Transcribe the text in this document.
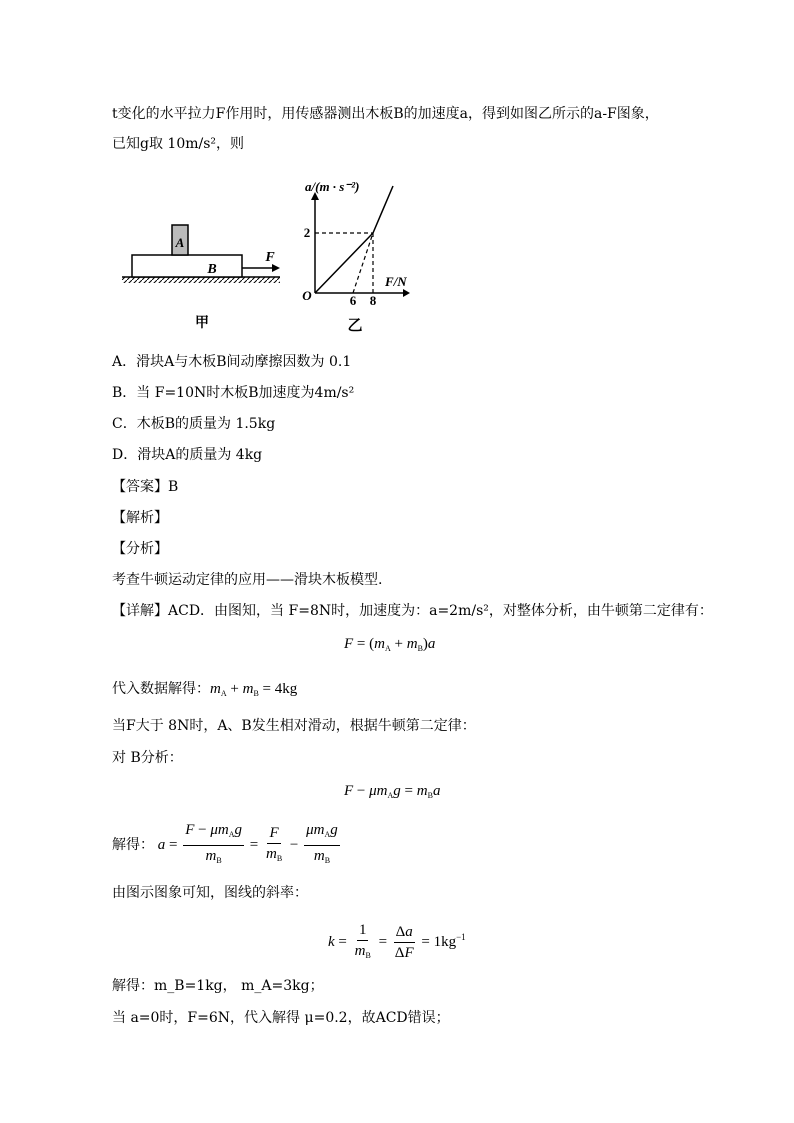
t变化的水平拉力F作用时，用传感器测出木板B的加速度a，得到如图乙所示的a-F图象，
已知g取 10m/s²，则
A
B
F
甲
a/(m · s⁻²)
F/N
O
2
6 8
乙
A．滑块A与木板B间动摩擦因数为 0.1
B．当 F=10N时木板B加速度为4m/s²
C．木板B的质量为 1.5kg
D．滑块A的质量为 4kg
【答案】B
【解析】
【分析】
考查牛顿运动定律的应用——滑块木板模型.
【详解】ACD．由图知，当 F=8N时，加速度为：a=2m/s²，对整体分析，由牛顿第二定律有：
$F = (m_A + m_B)a$
代入数据解得：$m_A + m_B = 4kg$
当F大于 8N时，A、B发生相对滑动，根据牛顿第二定律：
对 B分析：
$F - \mu m_Ag = m_Ba$
解得： $a = \frac{F - \mu m_Ag}{m_B} = \frac{F}{m_B} - \frac{\mu m_Ag}{m_B}$
由图示图象可知，图线的斜率：
$k = \frac{1}{m_B} = \frac{\Delta a}{\Delta F} = 1kg^{-1}$
解得：m_B=1kg， m_A=3kg；
当 a=0时，F=6N，代入解得 μ=0.2，故ACD错误；
